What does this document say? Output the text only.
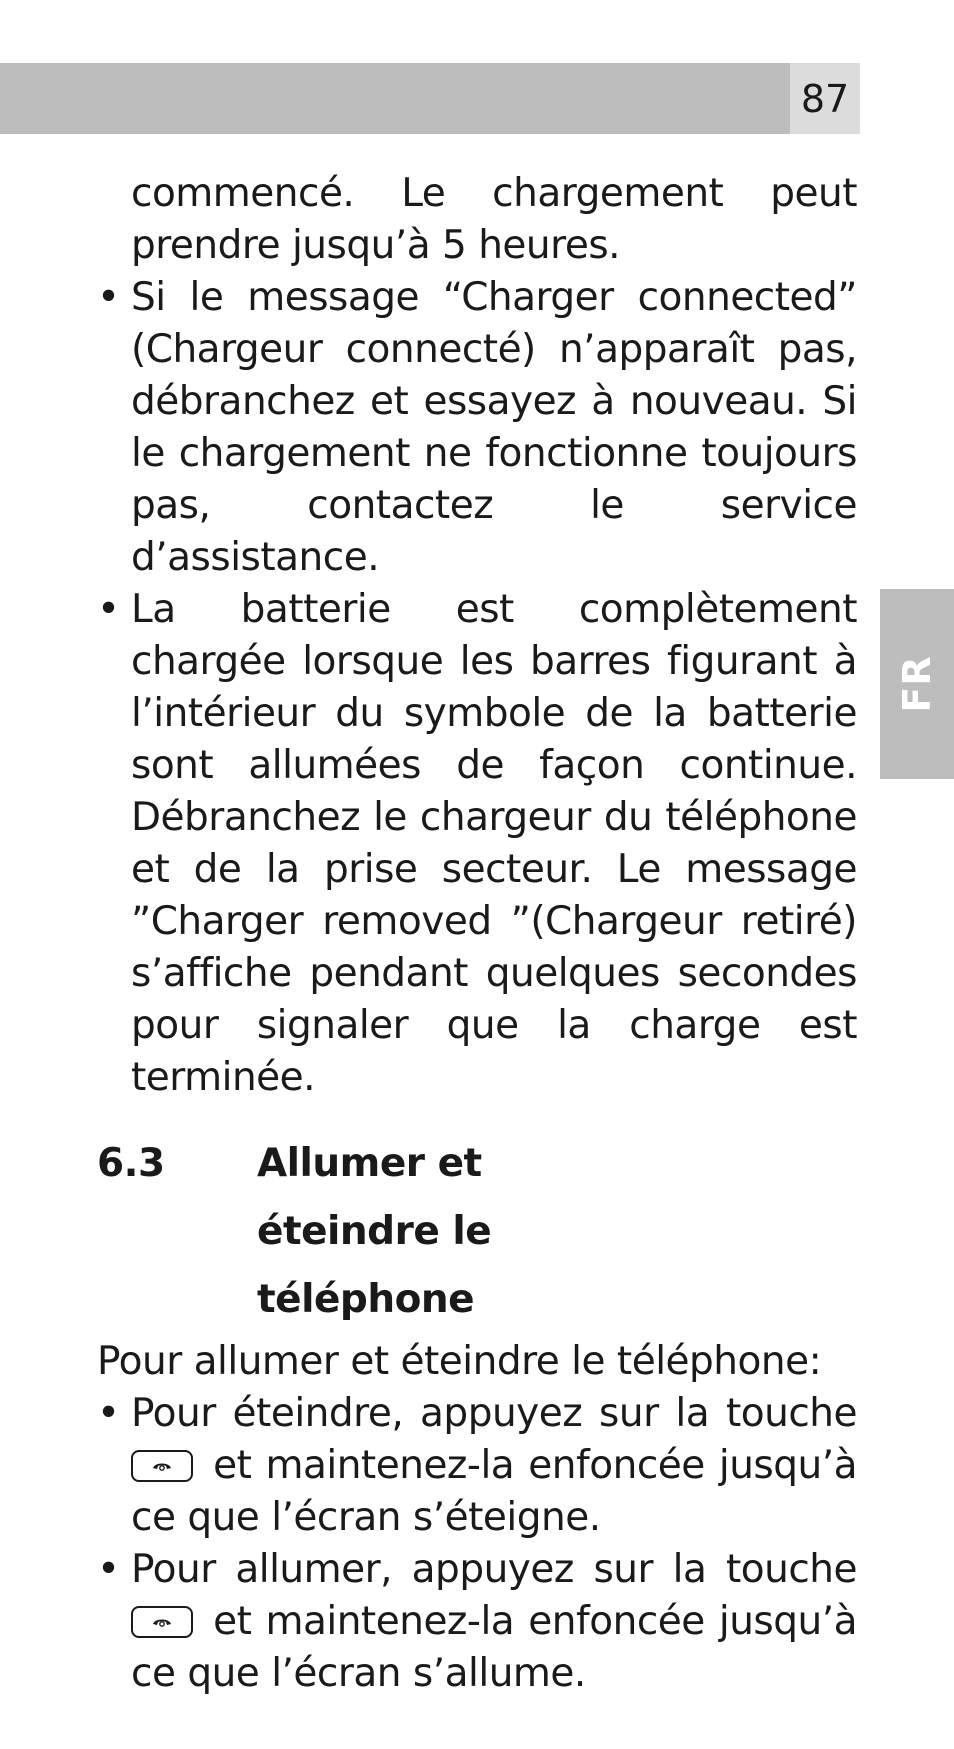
87
FR

commencé. Le chargement peut prendre jusqu’à 5 heures.

• Si le message “Charger connected” (Chargeur connecté) n’apparaît pas, débranchez et essayez à nouveau. Si le chargement ne fonctionne toujours pas, contactez le service d’assistance.
• La batterie est complètement chargée lorsque les barres figurant à l’intérieur du symbole de la batterie sont allumées de façon continue. Débranchez le chargeur du téléphone et de la prise secteur. Le message ”Charger removed ”(Chargeur retiré) s’affiche pendant quelques secondes pour signaler que la charge est terminée.
6.3	Allumer et éteindre le téléphone

Pour allumer et éteindre le téléphone:

• Pour éteindre, appuyez sur la touche
et maintenez-la enfoncée jusqu’à ce que l’écran s’éteigne.
• Pour allumer, appuyez sur la touche
et maintenez-la enfoncée jusqu’à ce que l’écran s’allume.
